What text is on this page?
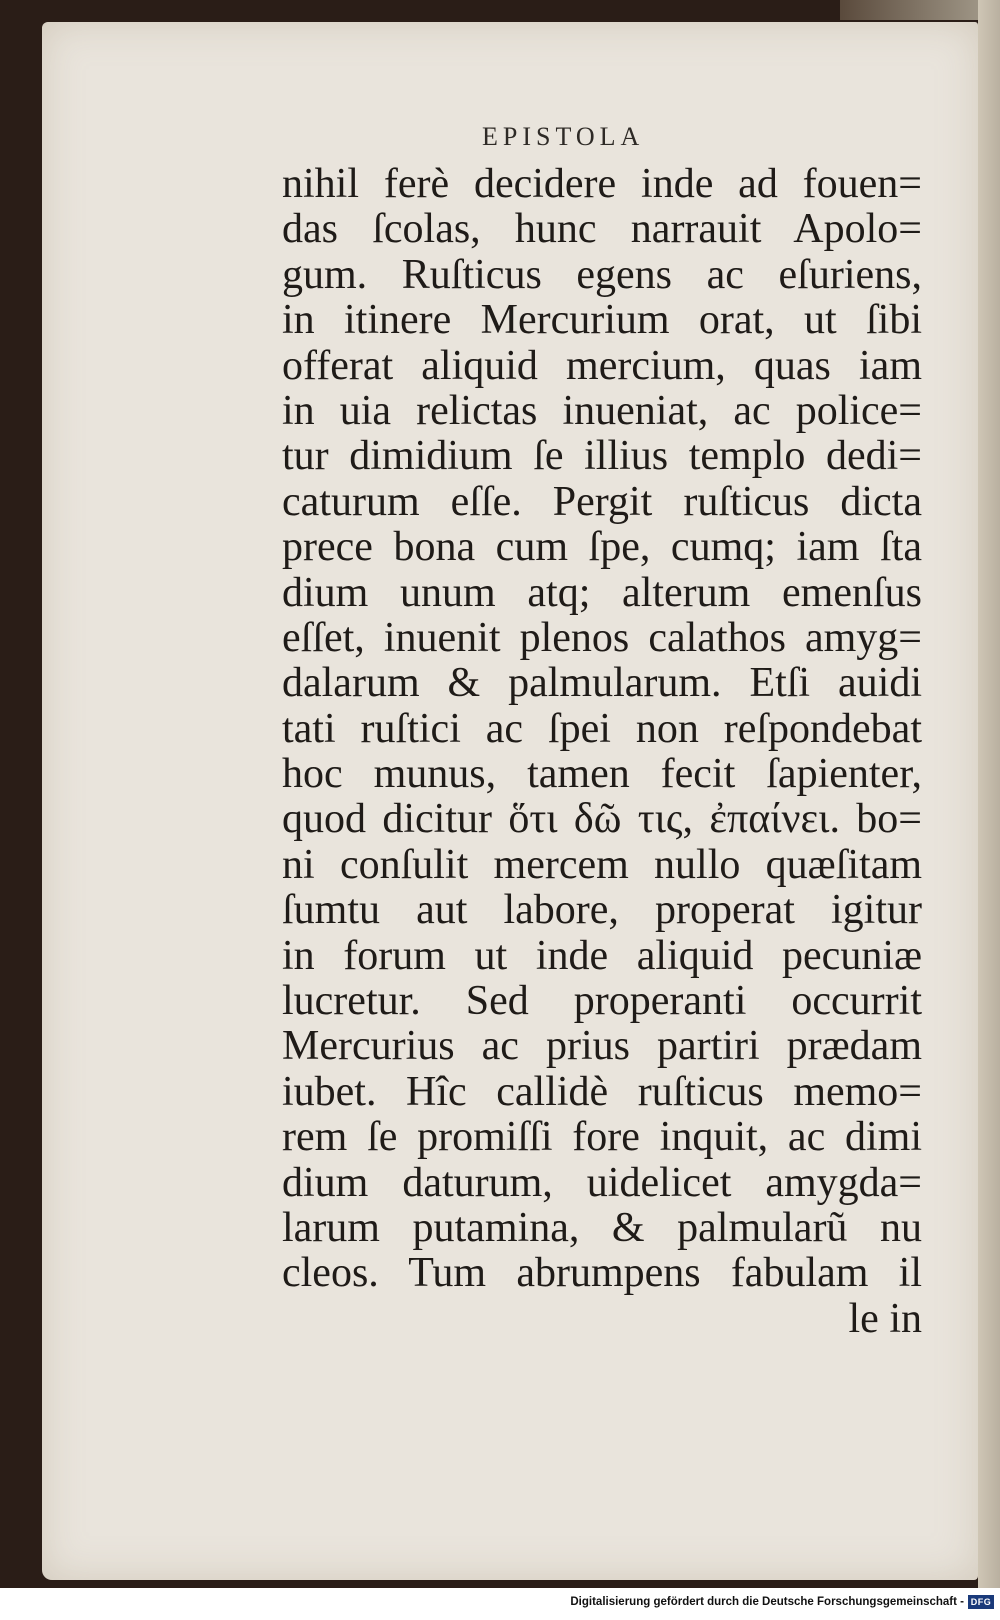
EPISTOLA
nihil ferè decidere inde ad fouen=
das ſcolas, hunc narrauit Apolo=
gum. Ruſticus egens ac eſuriens,
in itinere Mercurium orat, ut ſibi
offerat aliquid mercium, quas iam
in uia relictas inueniat, ac police=
tur dimidium ſe illius templo dedi=
caturum eſſe. Pergit ruſticus dicta
prece bona cum ſpe, cumq; iam ſta
dium unum atq; alterum emenſus
eſſet, inuenit plenos calathos amyg=
dalarum & palmularum. Etſi auidi
tati ruſtici ac ſpei non reſpondebat
hoc munus, tamen fecit ſapienter,
quod dicitur ὅτι δῶ τις, ἐπαίνει. bo=
ni conſulit mercem nullo quæſitam
ſumtu aut labore, properat igitur
in forum ut inde aliquid pecuniæ
lucretur. Sed properanti occurrit
Mercurius ac prius partiri prædam
iubet. Hîc callidè ruſticus memo=
rem ſe promiſſi fore inquit, ac dimi
dium daturum, uidelicet amygda=
larum putamina, & palmularũ nu
cleos. Tum abrumpens fabulam il
le in
Digitalisierung gefördert durch die Deutsche Forschungsgemeinschaft - DFG
